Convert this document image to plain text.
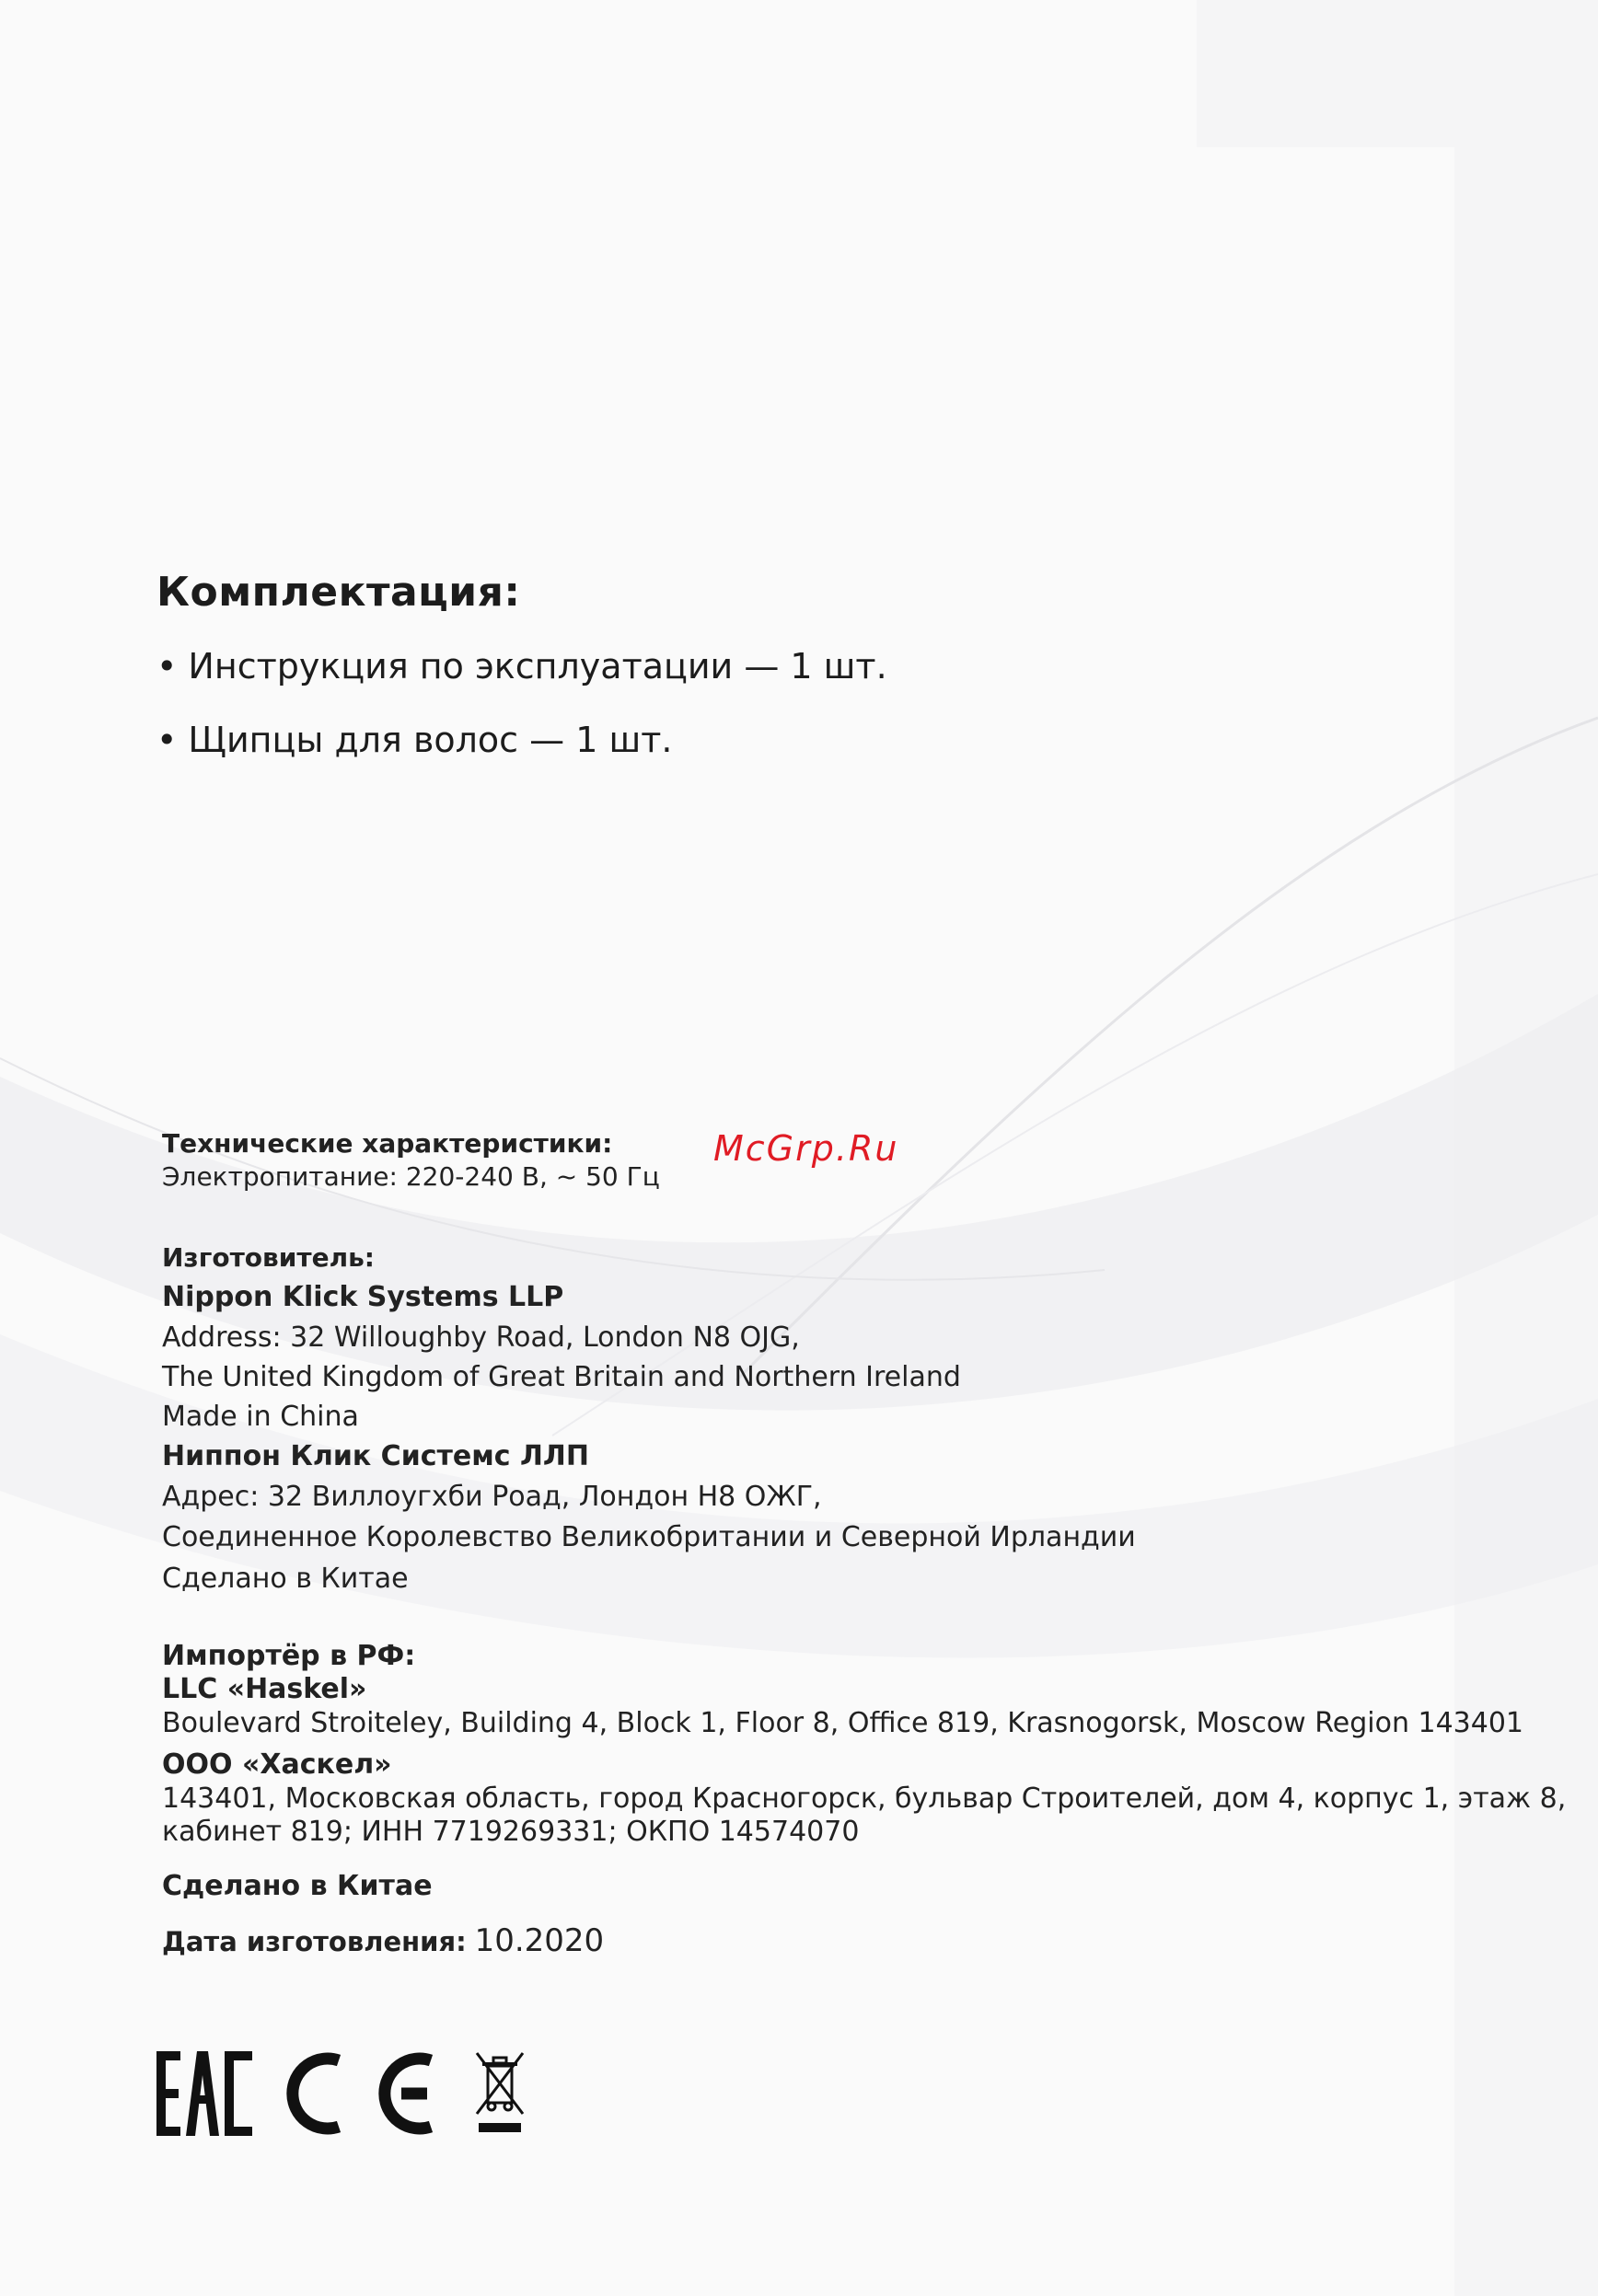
Комплектация:
• Инструкция по эксплуатации — 1 шт.
• Щипцы для волос — 1 шт.
McGrp.Ru
Технические характеристики:
Электропитание: 220-240 В, ~ 50 Гц
Изготовитель:
Nippon Klick Systems LLP
Address: 32 Willoughby Road, London N8 OJG,
The United Kingdom of Great Britain and Northern Ireland
Made in China
Ниппон Клик Системс ЛЛП
Адрес: 32 Виллоугхби Роад, Лондон Н8 ОЖГ,
Соединенное Королевство Великобритании и Северной Ирландии
Сделано в Китае
Импортёр в РФ:
LLC «Haskel»
Boulevard Stroiteley, Building 4, Block 1, Floor 8, Office 819, Krasnogorsk, Moscow Region 143401
ООО «Хаскел»
143401, Московская область, город Красногорск, бульвар Строителей, дом 4, корпус 1, этаж 8,
кабинет 819; ИНН 7719269331; ОКПО 14574070
Сделано в Китае
Дата изготовления: 10.2020
